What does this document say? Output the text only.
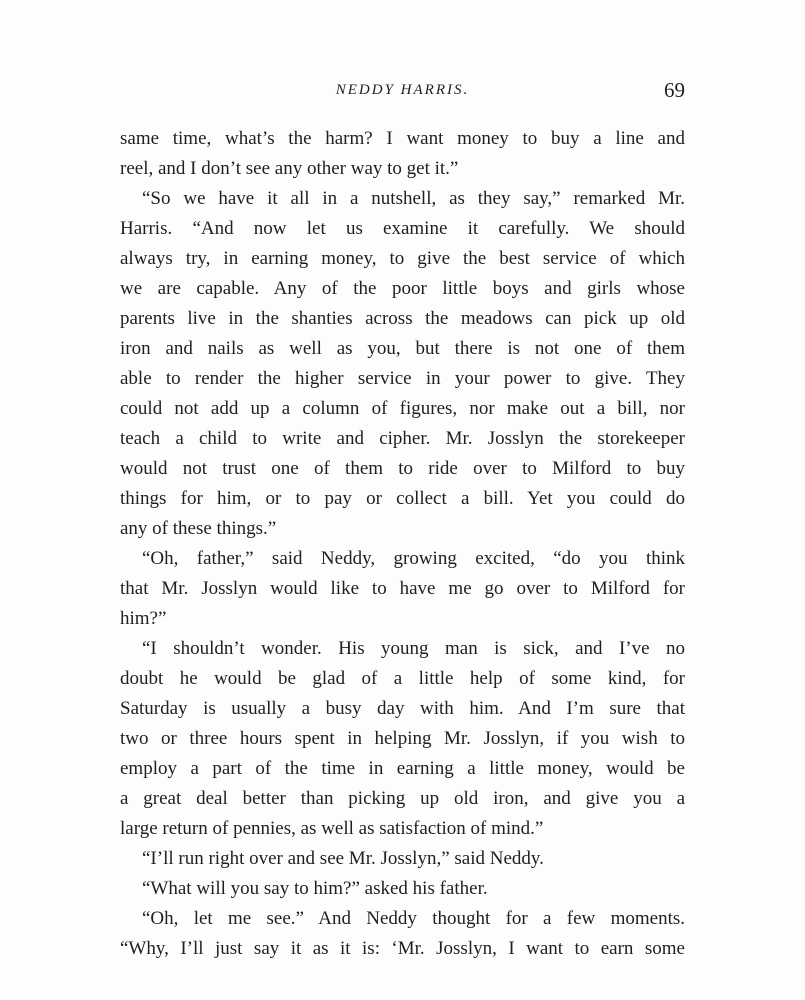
NEDDY HARRIS.	69
same time, what’s the harm? I want money to buy a line and
reel, and I don’t see any other way to get it.”
“So we have it all in a nutshell, as they say,” remarked Mr.
Harris. “And now let us examine it carefully. We should
always try, in earning money, to give the best service of which
we are capable. Any of the poor little boys and girls whose
parents live in the shanties across the meadows can pick up old
iron and nails as well as you, but there is not one of them
able to render the higher service in your power to give. They
could not add up a column of figures, nor make out a bill, nor
teach a child to write and cipher. Mr. Josslyn the storekeeper
would not trust one of them to ride over to Milford to buy
things for him, or to pay or collect a bill. Yet you could do
any of these things.”
“Oh, father,” said Neddy, growing excited, “do you think
that Mr. Josslyn would like to have me go over to Milford for
him?”
“I shouldn’t wonder. His young man is sick, and I’ve no
doubt he would be glad of a little help of some kind, for
Saturday is usually a busy day with him. And I’m sure that
two or three hours spent in helping Mr. Josslyn, if you wish to
employ a part of the time in earning a little money, would be
a great deal better than picking up old iron, and give you a
large return of pennies, as well as satisfaction of mind.”
“I’ll run right over and see Mr. Josslyn,” said Neddy.
“What will you say to him?” asked his father.
“Oh, let me see.” And Neddy thought for a few moments.
“Why, I’ll just say it as it is: ‘Mr. Josslyn, I want to earn some
